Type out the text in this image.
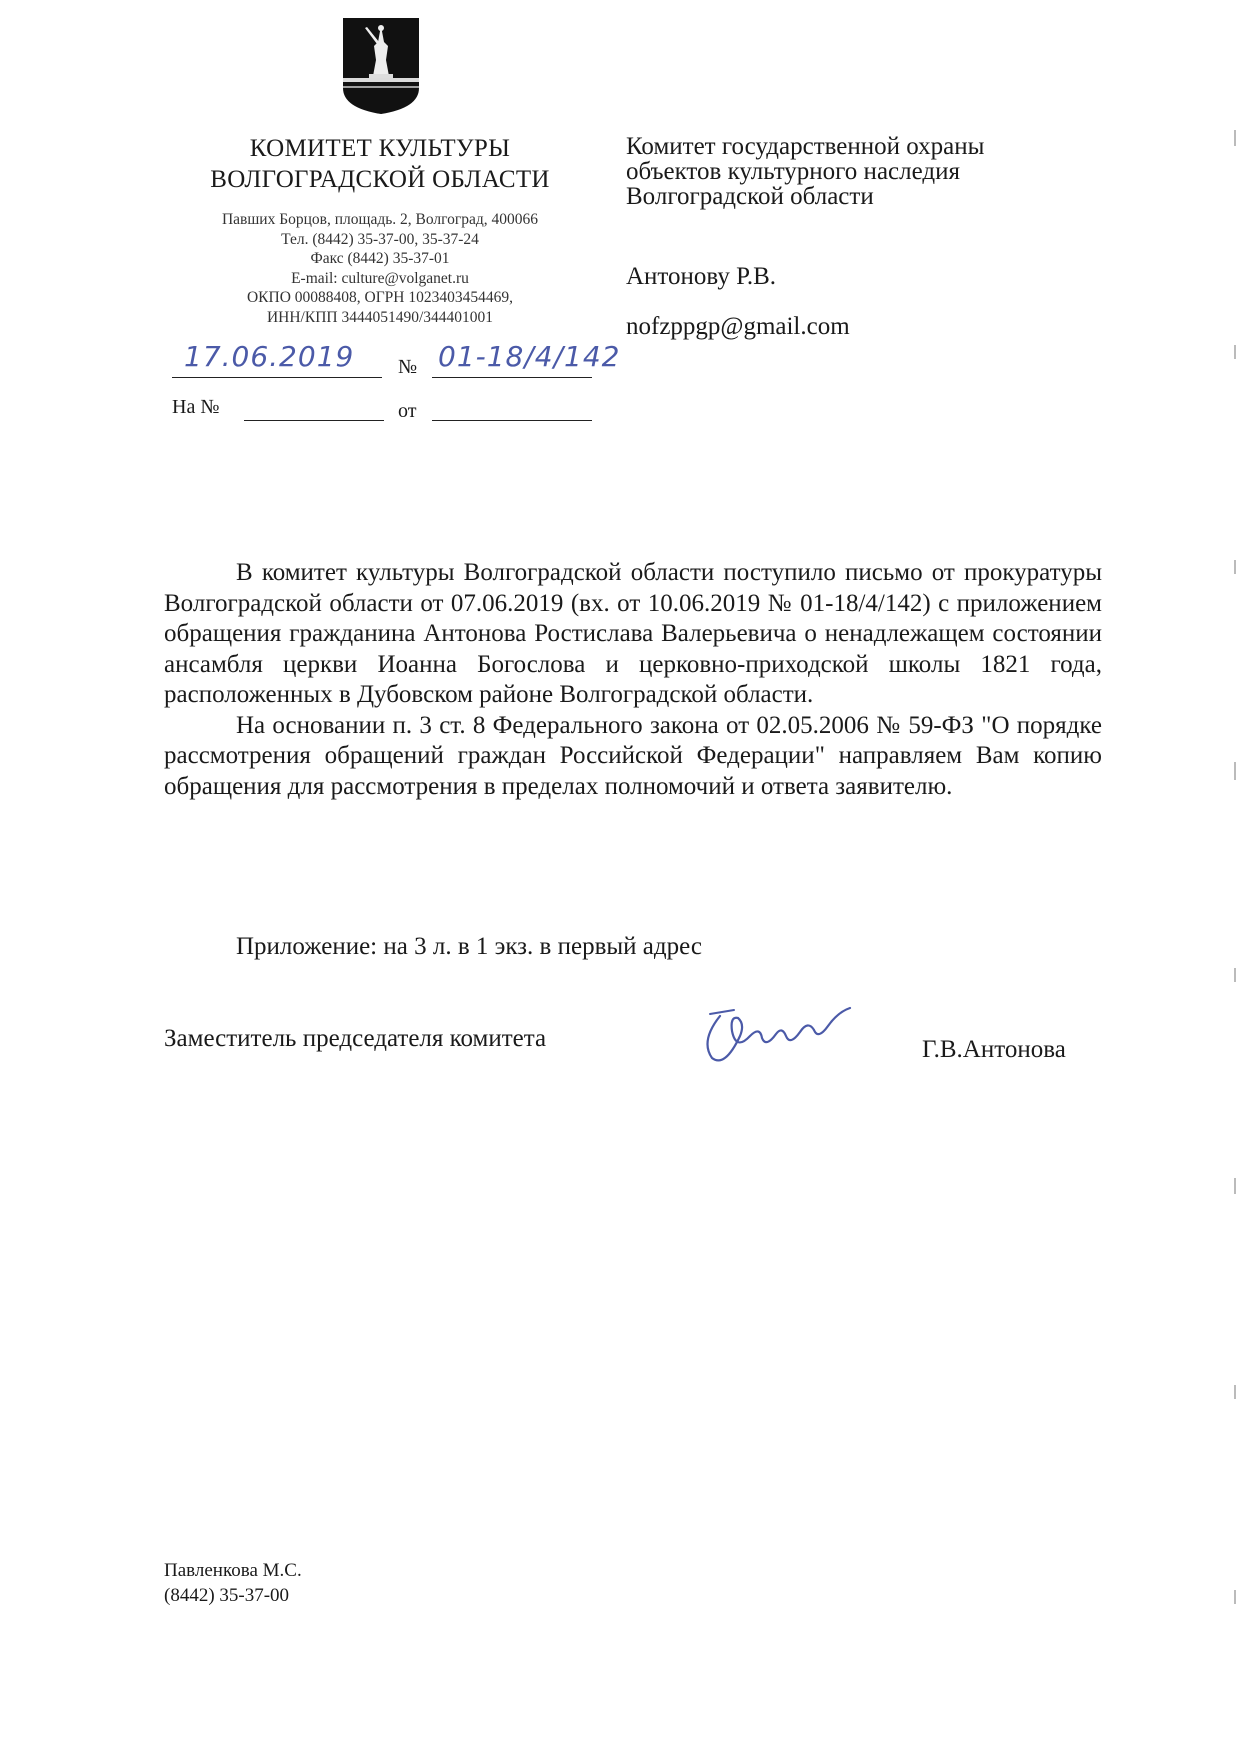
КОМИТЕТ КУЛЬТУРЫ
ВОЛГОГРАДСКОЙ ОБЛАСТИ
Павших Борцов, площадь. 2, Волгоград, 400066
Тел. (8442) 35-37-00, 35-37-24
Факс (8442) 35-37-01
E-mail: culture@volganet.ru
ОКПО 00088408, ОГРН 1023403454469,
ИНН/КПП 3444051490/344401001
17.06.2019 № 01-18/4/142
На №	от
Комитет государственной охраны
объектов культурного наследия
Волгоградской области
Антонову Р.В.
nofzppgp@gmail.com

В комитет культуры Волгоградской области поступило письмо от прокуратуры Волгоградской области от 07.06.2019 (вх. от 10.06.2019 № 01-18/4/142) с приложением обращения гражданина Антонова Ростислава Валерьевича о ненадлежащем состоянии ансамбля церкви Иоанна Богослова и церковно-приходской школы 1821 года, расположенных в Дубовском районе Волгоградской области.

На основании п. 3 ст. 8 Федерального закона от 02.05.2006 № 59-ФЗ "О порядке рассмотрения обращений граждан Российской Федерации" направляем Вам копию обращения для рассмотрения в пределах полномочий и ответа заявителю.

Приложение: на 3 л. в 1 экз. в первый адрес
Заместитель председателя комитета	Г.В.Антонова
Павленкова М.С.
(8442) 35-37-00
